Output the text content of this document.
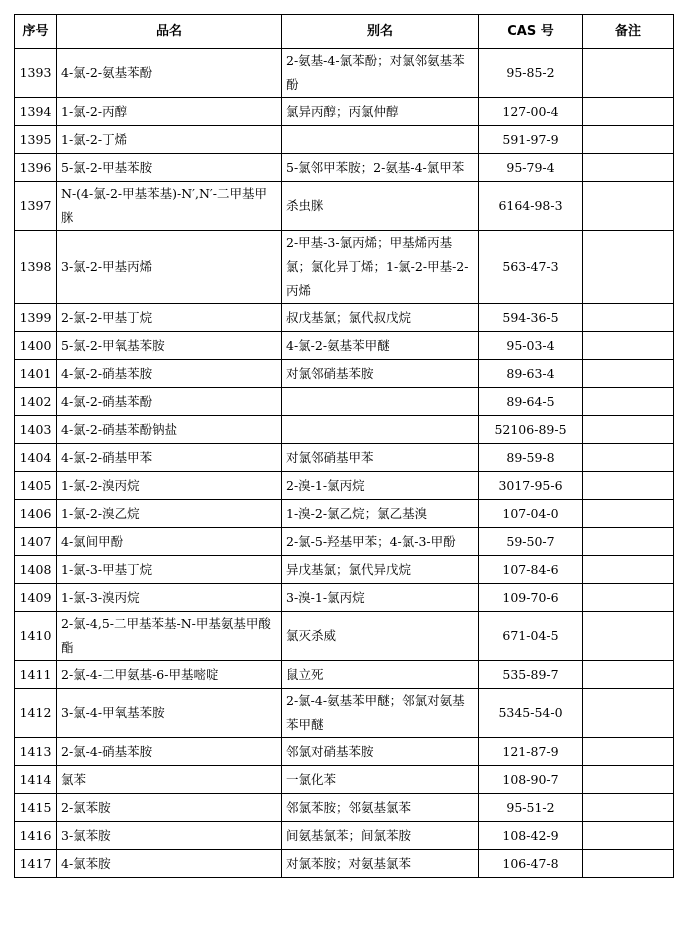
序号	品名	别名	CAS 号	备注
1393	4-氯-2-氨基苯酚	2-氨基-4-氯苯酚；对氯邻氨基苯酚	95-85-2	
1394	1-氯-2-丙醇	氯异丙醇；丙氯仲醇	127-00-4	
1395	1-氯-2-丁烯		591-97-9	
1396	5-氯-2-甲基苯胺	5-氯邻甲苯胺；2-氨基-4-氯甲苯	95-79-4	
1397	N-(4-氯-2-甲基苯基)-N′,N′-二甲基甲脒	杀虫脒	6164-98-3	
1398	3-氯-2-甲基丙烯	2-甲基-3-氯丙烯；甲基烯丙基氯；氯化异丁烯；1-氯-2-甲基-2-丙烯	563-47-3	
1399	2-氯-2-甲基丁烷	叔戊基氯；氯代叔戊烷	594-36-5	
1400	5-氯-2-甲氧基苯胺	4-氯-2-氨基苯甲醚	95-03-4	
1401	4-氯-2-硝基苯胺	对氯邻硝基苯胺	89-63-4	
1402	4-氯-2-硝基苯酚		89-64-5	
1403	4-氯-2-硝基苯酚钠盐		52106-89-5	
1404	4-氯-2-硝基甲苯	对氯邻硝基甲苯	89-59-8	
1405	1-氯-2-溴丙烷	2-溴-1-氯丙烷	3017-95-6	
1406	1-氯-2-溴乙烷	1-溴-2-氯乙烷；氯乙基溴	107-04-0	
1407	4-氯间甲酚	2-氯-5-羟基甲苯；4-氯-3-甲酚	59-50-7	
1408	1-氯-3-甲基丁烷	异戊基氯；氯代异戊烷	107-84-6	
1409	1-氯-3-溴丙烷	3-溴-1-氯丙烷	109-70-6	
1410	2-氯-4,5-二甲基苯基-N-甲基氨基甲酸酯	氯灭杀威	671-04-5	
1411	2-氯-4-二甲氨基-6-甲基嘧啶	鼠立死	535-89-7	
1412	3-氯-4-甲氧基苯胺	2-氯-4-氨基苯甲醚；邻氯对氨基苯甲醚	5345-54-0	
1413	2-氯-4-硝基苯胺	邻氯对硝基苯胺	121-87-9	
1414	氯苯	一氯化苯	108-90-7	
1415	2-氯苯胺	邻氯苯胺；邻氨基氯苯	95-51-2	
1416	3-氯苯胺	间氨基氯苯；间氯苯胺	108-42-9	
1417	4-氯苯胺	对氯苯胺；对氨基氯苯	106-47-8	
